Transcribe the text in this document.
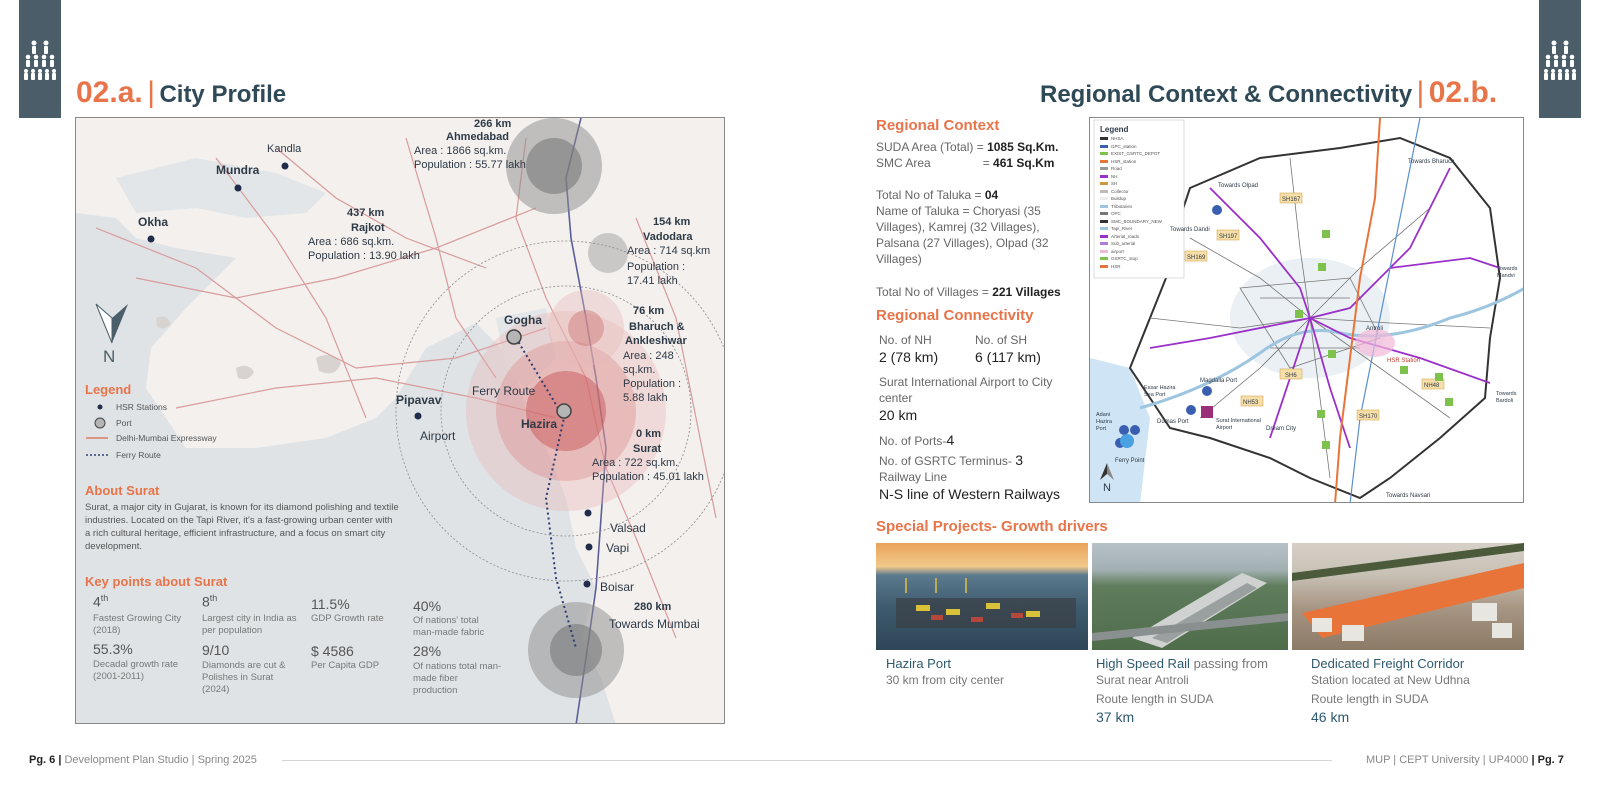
02.a. | City Profile	Regional Context & Connectivity | 02.b.
Kandla
Mundra
Okha
266 km
Ahmedabad
Area : 1866 sq.km.
Population : 55.77 lakh
437 km
Rajkot
Area : 686 sq.km.
Population : 13.90 lakh
154 km
Vadodara
Area : 714 sq.km
Population :
17.41 lakh
Gogha
76 km
Bharuch &
Ankleshwar
Area : 248
sq.km.
Population :
5.88 lakh
Pipavav
Ferry Route
Hazira
Airport	0 km
Surat
Area : 722 sq.km.
Population : 45.01 lakh
Valsad
Vapi
Boisar
280 km
Towards Mumbai
N
Legend
HSR Stations
Port
Delhi-Mumbai Expressway
Ferry Route
About Surat
Surat, a major city in Gujarat, is known for its diamond polishing and textile industries. Located on the Tapi River, it's a fast-growing urban center with a rich cultural heritage, efficient infrastructure, and a focus on smart city development.
Key points about Surat
4th
Fastest Growing City (2018)
8th
Largest city in India as per population
11.5%
GDP Growth rate
40%
Of nations' total man-made fabric
55.3%
Decadal growth rate (2001-2011)
9/10
Diamonds are cut & Polishes in Surat (2024)
$ 4586
Per Capita GDP
28%
Of nations total man-made fiber production
Regional Context
SUDA Area (Total) = 1085 Sq.Km.
SMC Area	= 461 Sq.Km
Total No of Taluka = 04
Name of Taluka = Choryasi (35
Villages), Kamrej (32 Villages),
Palsana (27 Villages), Olpad (32
Villages)
Total No of Villages = 221 Villages
Regional Connectivity
No. of NH
2 (78 km)
No. of SH
6 (117 km)
Surat International Airport to City
center
20 km
No. of Ports-4
No. of GSRTC Terminus- 3
Railway Line
N-S line of Western Railways
Legend
NHSA
GPC_station
EXIST_GSRTC_DEPOT
HSR_station
Road
NH
SH
Collector
Buildup
Tributaries
OPC
SMC_BOUNDARY_NEW
Tapi_River
Arterial_roads
Sub_arterial
airport
GSRTC_stop
HSR
Towards Bharuch
Towards Olpad
Towards Dandi
Towards Mandvi
Towards Bardoli
Towards Navsari
SH167
SH197
SH169
SH6
NH53
NH48
SH170
Antroli
HSR Station
Essar Hazira Sea Port
Magdalla Port
Dumas Port
Adani Hazira Port
Surat International Airport	Dream City
Ferry Point
N
Special Projects- Growth drivers
Hazira Port
30 km from city center
High Speed Rail passing from
Surat near Antroli
Route length in SUDA
37 km
Dedicated Freight Corridor
Station located at New Udhna
Route length in SUDA
46 km
Pg. 6 | Development Plan Studio | Spring 2025	MUP | CEPT University | UP4000 | Pg. 7
